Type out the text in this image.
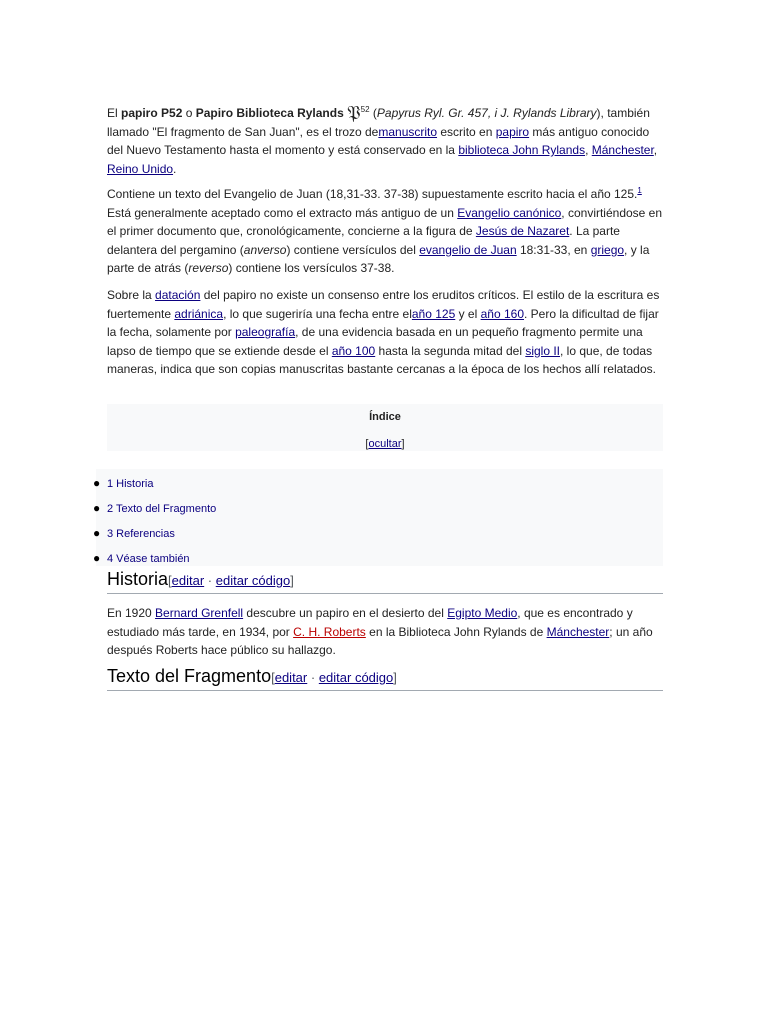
El papiro P52 o Papiro Biblioteca Rylands 𝔓$^{52}$ (Papyrus Ryl. Gr. 457, i J. Rylands Library), también llamado "El fragmento de San Juan", es el trozo demanuscrito escrito en papiro más antiguo conocido del Nuevo Testamento hasta el momento y está conservado en la biblioteca John Rylands, Mánchester, Reino Unido.

Contiene un texto del Evangelio de Juan (18,31-33. 37-38) supuestamente escrito hacia el año 125.$^1$ Está generalmente aceptado como el extracto más antiguo de un Evangelio canónico, convirtiéndose en el primer documento que, cronológicamente, concierne a la figura de Jesús de Nazaret. La parte delantera del pergamino (anverso) contiene versículos del evangelio de Juan 18:31-33, en griego, y la parte de atrás (reverso) contiene los versículos 37-38.

Sobre la datación del papiro no existe un consenso entre los eruditos críticos. El estilo de la escritura es fuertemente adriánica, lo que sugeriría una fecha entre elaño 125 y el año 160. Pero la dificultad de fijar la fecha, solamente por paleografía, de una evidencia basada en un pequeño fragmento permite una lapso de tiempo que se extiende desde el año 100 hasta la segunda mitad del siglo II, lo que, de todas maneras, indica que son copias manuscritas bastante cercanas a la época de los hechos allí relatados.

Índice
[ocultar]
● 1 Historia
● 2 Texto del Fragmento
● 3 Referencias
● 4 Véase también
Historia[editar · editar código]

En 1920 Bernard Grenfell descubre un papiro en el desierto del Egipto Medio, que es encontrado y estudiado más tarde, en 1934, por C. H. Roberts en la Biblioteca John Rylands de Mánchester; un año después Roberts hace público su hallazgo.

Texto del Fragmento[editar · editar código]
